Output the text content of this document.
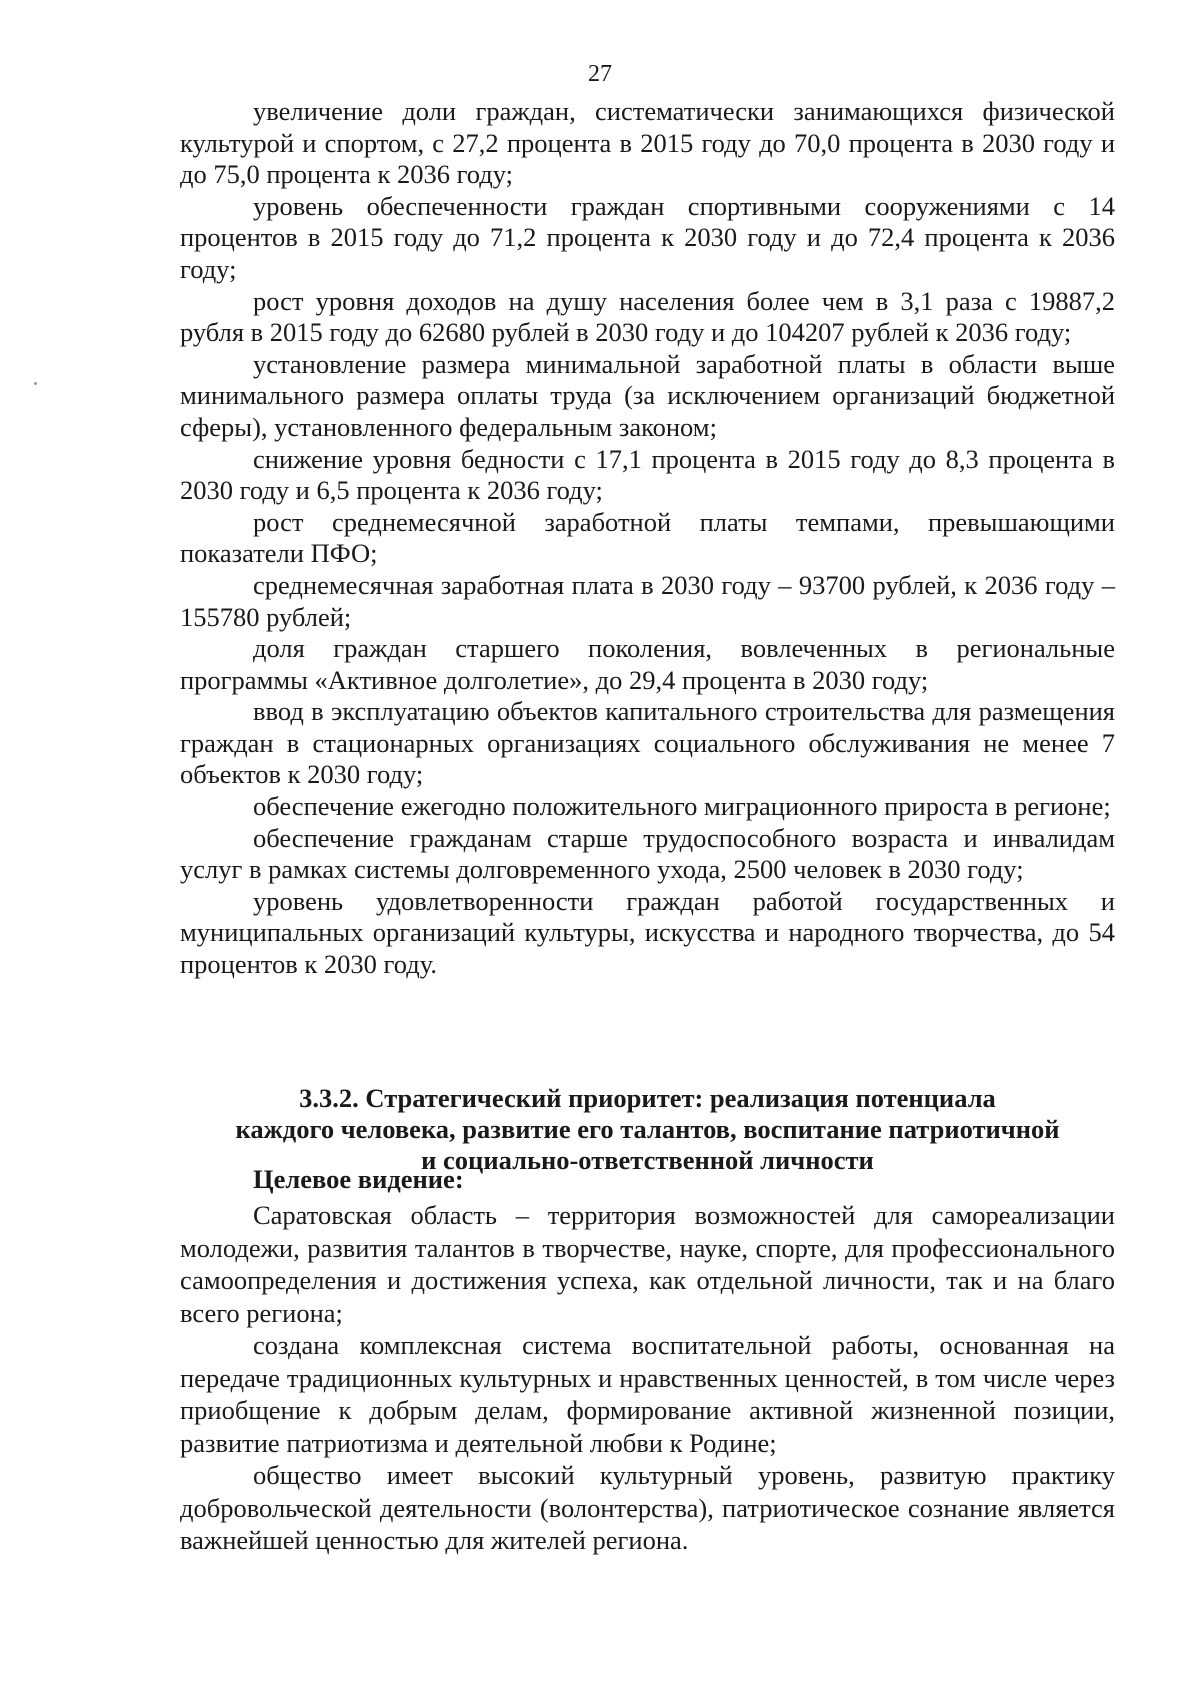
27

увеличение доли граждан, систематически занимающихся физической культурой и спортом, с 27,2 процента в 2015 году до 70,0 процента в 2030 году и до 75,0 процента к 2036 году;

уровень обеспеченности граждан спортивными сооружениями с 14 процентов в 2015 году до 71,2 процента к 2030 году и до 72,4 процента к 2036 году;

рост уровня доходов на душу населения более чем в 3,1 раза с 19887,2 рубля в 2015 году до 62680 рублей в 2030 году и до 104207 рублей к 2036 году;

установление размера минимальной заработной платы в области выше минимального размера оплаты труда (за исключением организаций бюджетной сферы), установленного федеральным законом;

снижение уровня бедности с 17,1 процента в 2015 году до 8,3 процента в 2030 году и 6,5 процента к 2036 году;

рост среднемесячной заработной платы темпами, превышающими показатели ПФО;

среднемесячная заработная плата в 2030 году – 93700 рублей, к 2036 году – 155780 рублей;

доля граждан старшего поколения, вовлеченных в региональные программы «Активное долголетие», до 29,4 процента в 2030 году;

ввод в эксплуатацию объектов капитального строительства для размещения граждан в стационарных организациях социального обслуживания не менее 7 объектов к 2030 году;

обеспечение ежегодно положительного миграционного прироста в регионе;

обеспечение гражданам старше трудоспособного возраста и инвалидам услуг в рамках системы долговременного ухода, 2500 человек в 2030 году;

уровень удовлетворенности граждан работой государственных и муниципальных организаций культуры, искусства и народного творчества, до 54 процентов к 2030 году.

3.3.2. Стратегический приоритет: реализация потенциала
каждого человека, развитие его талантов, воспитание патриотичной
и социально-ответственной личности
Целевое видение:

Саратовская область – территория возможностей для самореализации молодежи, развития талантов в творчестве, науке, спорте, для профессионального самоопределения и достижения успеха, как отдельной личности, так и на благо всего региона;

создана комплексная система воспитательной работы, основанная на передаче традиционных культурных и нравственных ценностей, в том числе через приобщение к добрым делам, формирование активной жизненной позиции, развитие патриотизма и деятельной любви к Родине;

общество имеет высокий культурный уровень, развитую практику добровольческой деятельности (волонтерства), патриотическое сознание является важнейшей ценностью для жителей региона.
